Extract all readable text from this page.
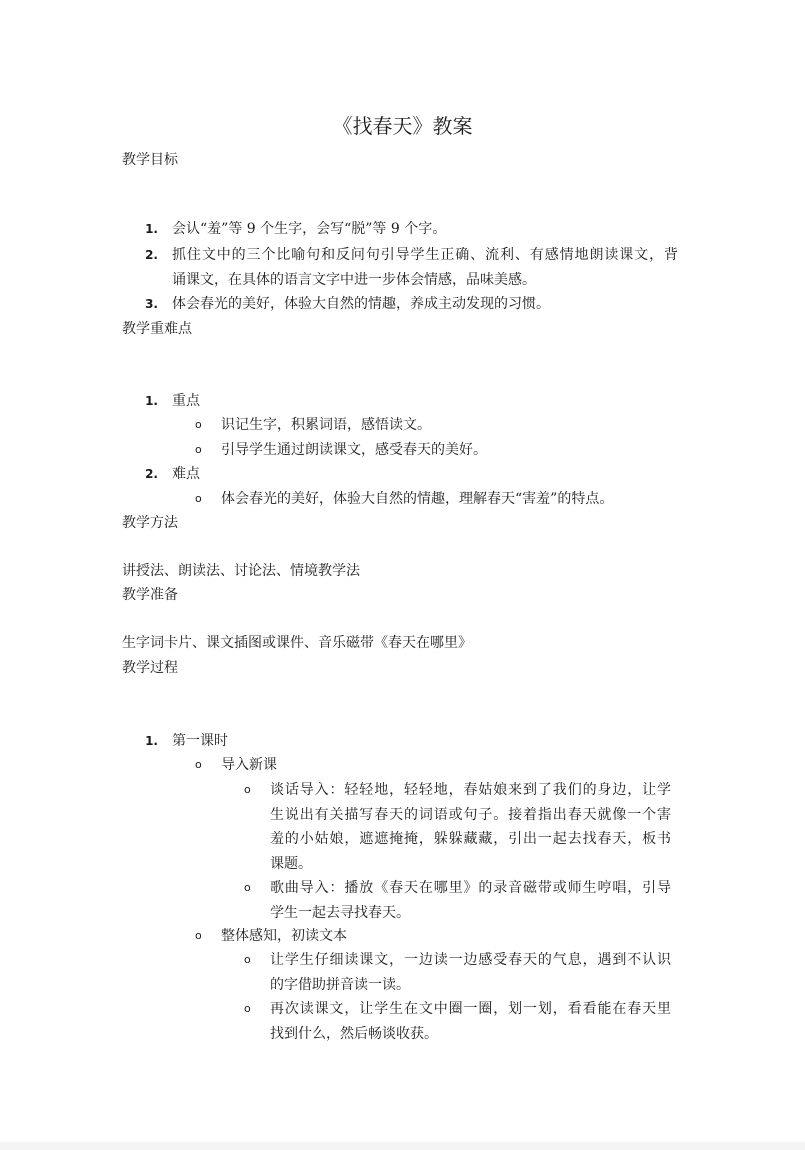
《找春天》教案
教学目标
1. 会认“羞”等 9 个生字，会写“脱”等 9 个字。
2. 抓住文中的三个比喻句和反问句引导学生正确、流利、有感情地朗读课文，背
诵课文，在具体的语言文字中进一步体会情感，品味美感。
3. 体会春光的美好，体验大自然的情趣，养成主动发现的习惯。
教学重难点
1. 重点
o 识记生字，积累词语，感悟读文。
o 引导学生通过朗读课文，感受春天的美好。
2. 难点
o 体会春光的美好，体验大自然的情趣，理解春天“害羞”的特点。
教学方法
讲授法、朗读法、讨论法、情境教学法
教学准备
生字词卡片、课文插图或课件、音乐磁带《春天在哪里》
教学过程
1. 第一课时
o 导入新课
o 谈话导入：轻轻地，轻轻地，春姑娘来到了我们的身边，让学
生说出有关描写春天的词语或句子。接着指出春天就像一个害
羞的小姑娘，遮遮掩掩，躲躲藏藏，引出一起去找春天，板书
课题。
o 歌曲导入：播放《春天在哪里》的录音磁带或师生哼唱，引导
学生一起去寻找春天。
o 整体感知，初读文本
o 让学生仔细读课文，一边读一边感受春天的气息，遇到不认识
的字借助拼音读一读。
o 再次读课文，让学生在文中圈一圈，划一划，看看能在春天里
找到什么，然后畅谈收获。
